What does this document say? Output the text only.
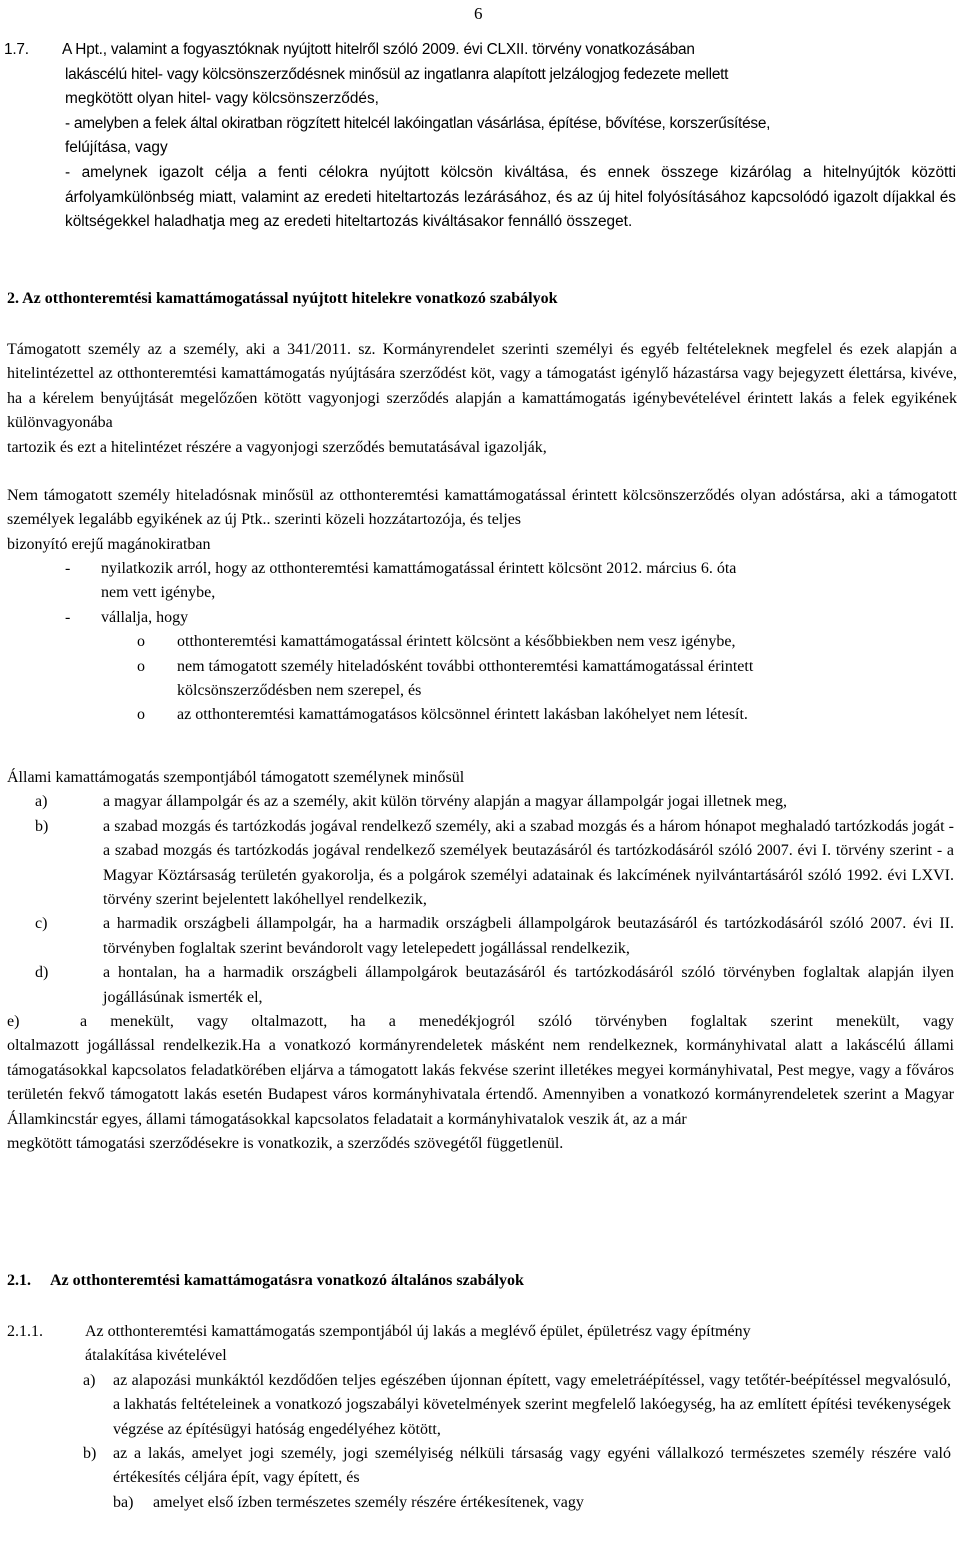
6
1.7. A Hpt., valamint a fogyasztóknak nyújtott hitelről szóló 2009. évi CLXII. törvény vonatkozásában
lakáscélú hitel- vagy kölcsönszerződésnek minősül az ingatlanra alapított jelzálogjog fedezete mellett
megkötött olyan hitel- vagy kölcsönszerződés,
- amelyben a felek által okiratban rögzített hitelcél lakóingatlan vásárlása, építése, bővítése, korszerűsítése,
felújítása, vagy
- amelynek igazolt célja a fenti célokra nyújtott kölcsön kiváltása, és ennek összege kizárólag a hitelnyújtók közötti árfolyamkülönbség miatt, valamint az eredeti hiteltartozás lezárásához, és az új hitel folyósításához kapcsolódó igazolt díjakkal és költségekkel haladhatja meg az eredeti hiteltartozás kiváltásakor fennálló összeget.

2. Az otthonteremtési kamattámogatással nyújtott hitelekre vonatkozó szabályok

Támogatott személy az a személy, aki a 341/2011. sz. Kormányrendelet szerinti személyi és egyéb feltételeknek megfelel és ezek alapján a hitelintézettel az otthonteremtési kamattámogatás nyújtására szerződést köt, vagy a támogatást igénylő házastársa vagy bejegyzett élettársa, kivéve, ha a kérelem benyújtását megelőzően kötött vagyonjogi szerződés alapján a kamattámogatás igénybevételével érintett lakás a felek egyikének különvagyonába

tartozik és ezt a hitelintézet részére a vagyonjogi szerződés bemutatásával igazolják,

Nem támogatott személy hiteladósnak minősül az otthonteremtési kamattámogatással érintett kölcsönszerződés olyan adóstársa, aki a támogatott személyek legalább egyikének az új Ptk.. szerinti közeli hozzátartozója, és teljes

bizonyító erejű magánokiratban

-	nyilatkozik arról, hogy az otthonteremtési kamattámogatással érintett kölcsönt 2012. március 6. óta
nem vett igénybe,
-	vállalja, hogy
o	otthonteremtési kamattámogatással érintett kölcsönt a későbbiekben nem vesz igénybe,
o	nem támogatott személy hiteladósként további otthonteremtési kamattámogatással érintett
kölcsönszerződésben nem szerepel, és
o	az otthonteremtési kamattámogatásos kölcsönnel érintett lakásban lakóhelyet nem létesít.

Állami kamattámogatás szempontjából támogatott személynek minősül

a)	a magyar állampolgár és az a személy, akit külön törvény alapján a magyar állampolgár jogai illetnek meg,
b)	a szabad mozgás és tartózkodás jogával rendelkező személy, aki a szabad mozgás és a három hónapot meghaladó tartózkodás jogát - a szabad mozgás és tartózkodás jogával rendelkező személyek beutazásáról és tartózkodásáról szóló 2007. évi I. törvény szerint - a Magyar Köztársaság területén gyakorolja, és a polgárok személyi adatainak és lakcímének nyilvántartásáról szóló 1992. évi LXVI. törvény szerint bejelentett lakóhellyel rendelkezik,
c)	a harmadik országbeli állampolgár, ha a harmadik országbeli állampolgárok beutazásáról és tartózkodásáról szóló 2007. évi II. törvényben foglaltak szerint bevándorolt vagy letelepedett jogállással rendelkezik,
d)	a hontalan, ha a harmadik országbeli állampolgárok beutazásáról és tartózkodásáról szóló törvényben foglaltak alapján ilyen jogállásúnak ismerték el,
e)	a menekült, vagy oltalmazott, ha a menedékjogról szóló törvényben foglaltak szerint menekült, vagy

oltalmazott jogállással rendelkezik.Ha a vonatkozó kormányrendeletek másként nem rendelkeznek, kormányhivatal alatt a lakáscélú állami támogatásokkal kapcsolatos feladatkörében eljárva a támogatott lakás fekvése szerint illetékes megyei kormányhivatal, Pest megye, vagy a főváros területén fekvő támogatott lakás esetén Budapest város kormányhivatala értendő. Amennyiben a vonatkozó kormányrendeletek szerint a Magyar Államkincstár egyes, állami támogatásokkal kapcsolatos feladatait a kormányhivatalok veszik át, az a már

megkötött támogatási szerződésekre is vonatkozik, a szerződés szövegétől függetlenül.

2.1.	Az otthonteremtési kamattámogatásra vonatkozó általános szabályok
2.1.1.	Az otthonteremtési kamattámogatás szempontjából új lakás a meglévő épület, épületrész vagy építmény
átalakítása kivételével
a)	az alapozási munkáktól kezdődően teljes egészében újonnan épített, vagy emeletráépítéssel, vagy tetőtér-beépítéssel megvalósuló, a lakhatás feltételeinek a vonatkozó jogszabályi követelmények szerint megfelelő lakóegység, ha az említett építési tevékenységek végzése az építésügyi hatóság engedélyéhez kötött,
b)	az a lakás, amelyet jogi személy, jogi személyiség nélküli társaság vagy egyéni vállalkozó természetes személy részére való értékesítés céljára épít, vagy épített, és
ba)	amelyet első ízben természetes személy részére értékesítenek, vagy
